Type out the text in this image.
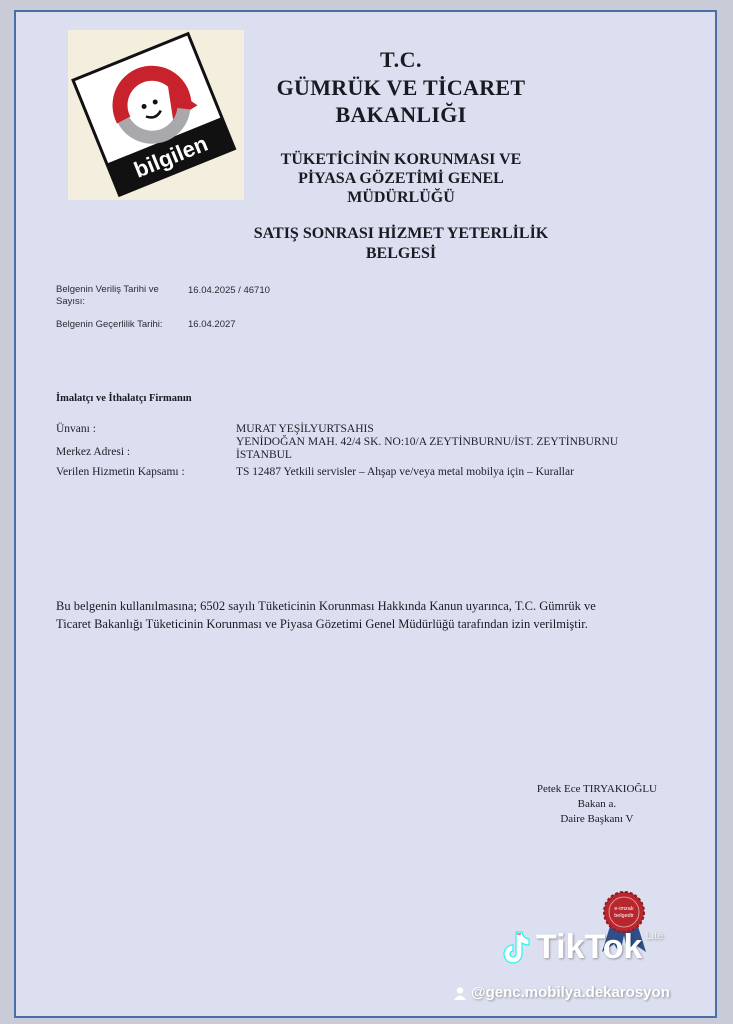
bilgilen
T.C.
GÜMRÜK VE TİCARET
BAKANLIĞI
TÜKETİCİNİN KORUNMASI VE
PİYASA GÖZETİMİ GENEL
MÜDÜRLÜĞÜ
SATIŞ SONRASI HİZMET YETERLİLİK
BELGESİ
Belgenin Veriliş Tarihi ve
Sayısı:
16.04.2025 / 46710
Belgenin Geçerlilik Tarihi:	16.04.2027
İmalatçı ve İthalatçı Firmanın
Ünvanı :	MURAT YEŞİLYURTSAHIS
Merkez Adresi :
YENİDOĞAN MAH. 42/4 SK. NO:10/A ZEYTİNBURNU/İST. ZEYTİNBURNU
İSTANBUL
Verilen Hizmetin Kapsamı :	TS 12487 Yetkili servisler – Ahşap ve/veya metal mobilya için – Kurallar
Bu belgenin kullanılmasına; 6502 sayılı Tüketicinin Korunması Hakkında Kanun uyarınca, T.C. Gümrük ve
Ticaret Bakanlığı Tüketicinin Korunması ve Piyasa Gözetimi Genel Müdürlüğü tarafından izin verilmiştir.
Petek Ece TIRYAKIOĞLU
Bakan a.
Daire Başkanı V
e-imzalı
belgedir
TikTok Lite
@genc.mobilya.dekarosyon
